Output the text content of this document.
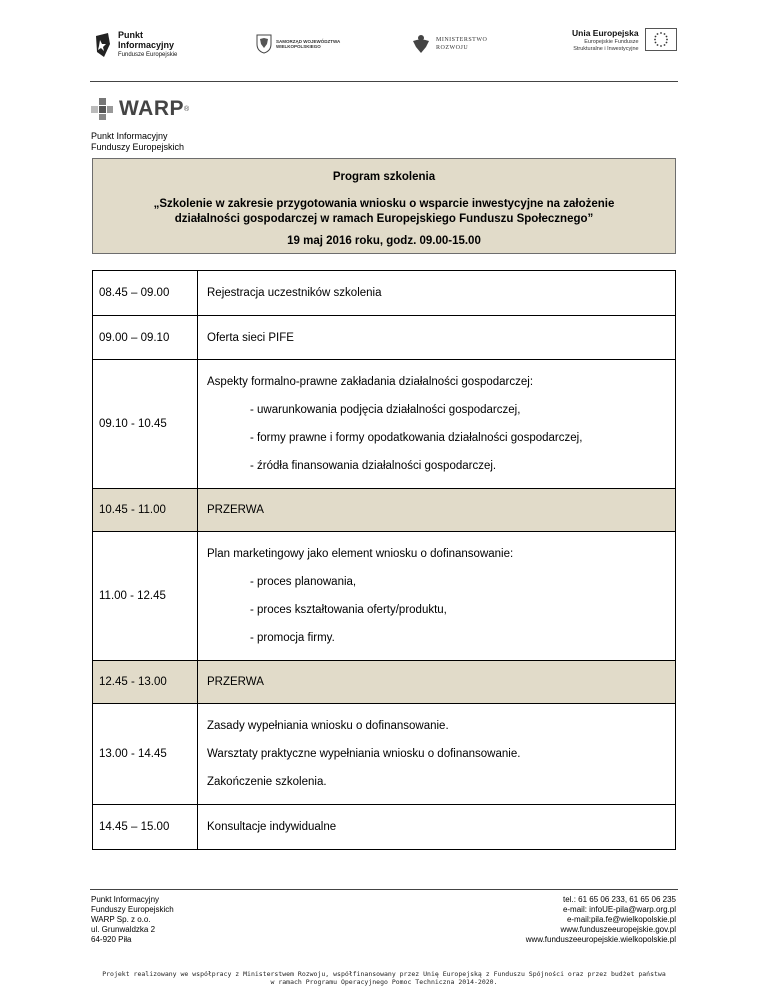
Punkt
Informacyjny
Fundusze Europejskie
SAMORZĄD WOJEWÓDZTWA
WIELKOPOLSKIEGO
MINISTERSTWO
ROZWOJU
Unia Europejska
Europejskie Fundusze
Strukturalne i Inwestycyjne
WARP ®
Punkt Informacyjny
Funduszy Europejskich
Program szkolenia
„Szkolenie w zakresie przygotowania wniosku o wsparcie inwestycyjne na założenie
działalności gospodarczej w ramach Europejskiego Funduszu Społecznego”
19 maj 2016 roku, godz. 09.00-15.00
08.45 – 09.00	Rejestracja uczestników szkolenia
09.00 – 09.10	Oferta sieci PIFE
09.10 - 10.45	Aspekty formalno-prawne zakładania działalności gospodarczej:
- uwarunkowania podjęcia działalności gospodarczej,
- formy prawne i formy opodatkowania działalności gospodarczej,
- źródła finansowania działalności gospodarczej.

10.45 - 11.00	PRZERWA
11.00 - 12.45	Plan marketingowy jako element wniosku o dofinansowanie:
- proces planowania,
- proces kształtowania oferty/produktu,
- promocja firmy.

12.45 - 13.00	PRZERWA
13.00 - 14.45	Zasady wypełniania wniosku o dofinansowanie.
Warsztaty praktyczne wypełniania wniosku o dofinansowanie.
Zakończenie szkolenia.

14.45 – 15.00	Konsultacje indywidualne
Punkt Informacyjny
Funduszy Europejskich
WARP Sp. z o.o.
ul. Grunwaldzka 2
64-920 Piła
tel.: 61 65 06 233, 61 65 06 235
e-mail: infoUE-pila@warp.org.pl
e-mail:pila.fe@wielkopolskie.pl
www.funduszeeuropejskie.gov.pl
www.funduszeeuropejskie.wielkopolskie.pl
Projekt realizowany we współpracy z Ministerstwem Rozwoju, współfinansowany przez Unię Europejską z Funduszu Spójności oraz przez budżet państwa
w ramach Programu Operacyjnego Pomoc Techniczna 2014-2020.
